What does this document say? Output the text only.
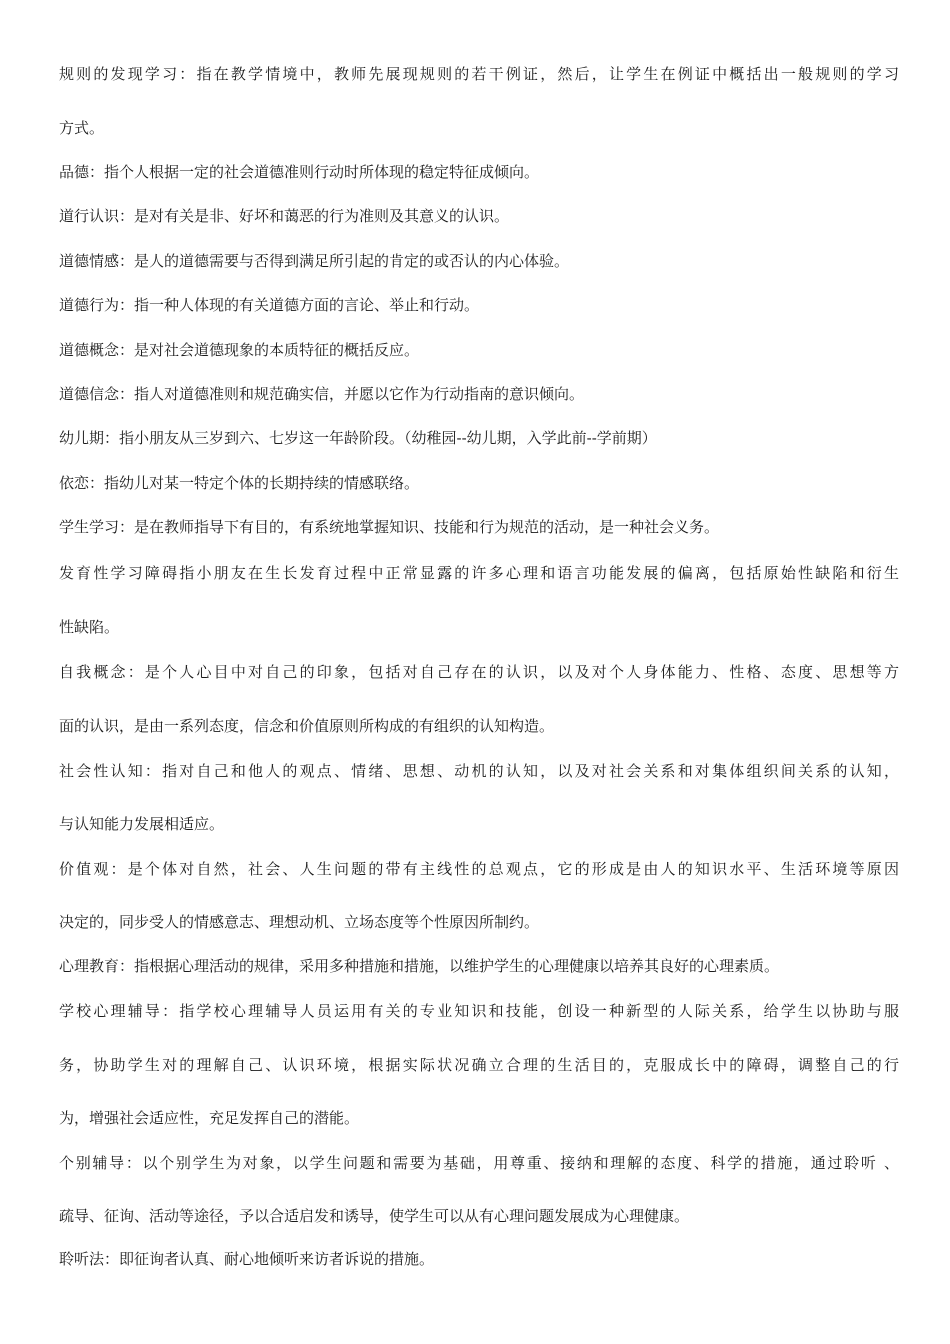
规则的发现学习：指在教学情境中，教师先展现规则的若干例证，然后，让学生在例证中概括出一般规则的学习
方式。
品德：指个人根据一定的社会道德准则行动时所体现的稳定特征成倾向。
道行认识：是对有关是非、好坏和蔼恶的行为准则及其意义的认识。
道德情感：是人的道德需要与否得到满足所引起的肯定的或否认的内心体验。
道德行为：指一种人体现的有关道德方面的言论、举止和行动。
道德概念：是对社会道德现象的本质特征的概括反应。
道德信念：指人对道德准则和规范确实信，并愿以它作为行动指南的意识倾向。
幼儿期：指小朋友从三岁到六、七岁这一年龄阶段。（幼稚园--幼儿期，入学此前--学前期）
依恋：指幼儿对某一特定个体的长期持续的情感联络。
学生学习：是在教师指导下有目的，有系统地掌握知识、技能和行为规范的活动，是一种社会义务。
发育性学习障碍指小朋友在生长发育过程中正常显露的许多心理和语言功能发展的偏离，包括原始性缺陷和衍生
性缺陷。
自我概念：是个人心目中对自己的印象，包括对自己存在的认识，以及对个人身体能力、性格、态度、思想等方
面的认识，是由一系列态度，信念和价值原则所构成的有组织的认知构造。
社会性认知：指对自己和他人的观点、情绪、思想、动机的认知，以及对社会关系和对集体组织间关系的认知，
与认知能力发展相适应。
价值观：是个体对自然，社会、人生问题的带有主线性的总观点，它的形成是由人的知识水平、生活环境等原因
决定的，同步受人的情感意志、理想动机、立场态度等个性原因所制约。
心理教育：指根据心理活动的规律，采用多种措施和措施，以维护学生的心理健康以培养其良好的心理素质。
学校心理辅导：指学校心理辅导人员运用有关的专业知识和技能，创设一种新型的人际关系，给学生以协助与服
务，协助学生对的理解自己、认识环境，根据实际状况确立合理的生活目的，克服成长中的障碍，调整自己的行
为，增强社会适应性，充足发挥自己的潜能。
个别辅导：以个别学生为对象，以学生问题和需要为基础，用尊重、接纳和理解的态度、科学的措施，通过聆听 、
疏导、征询、活动等途径，予以合适启发和诱导，使学生可以从有心理问题发展成为心理健康。
聆听法：即征询者认真、耐心地倾听来访者诉说的措施。
